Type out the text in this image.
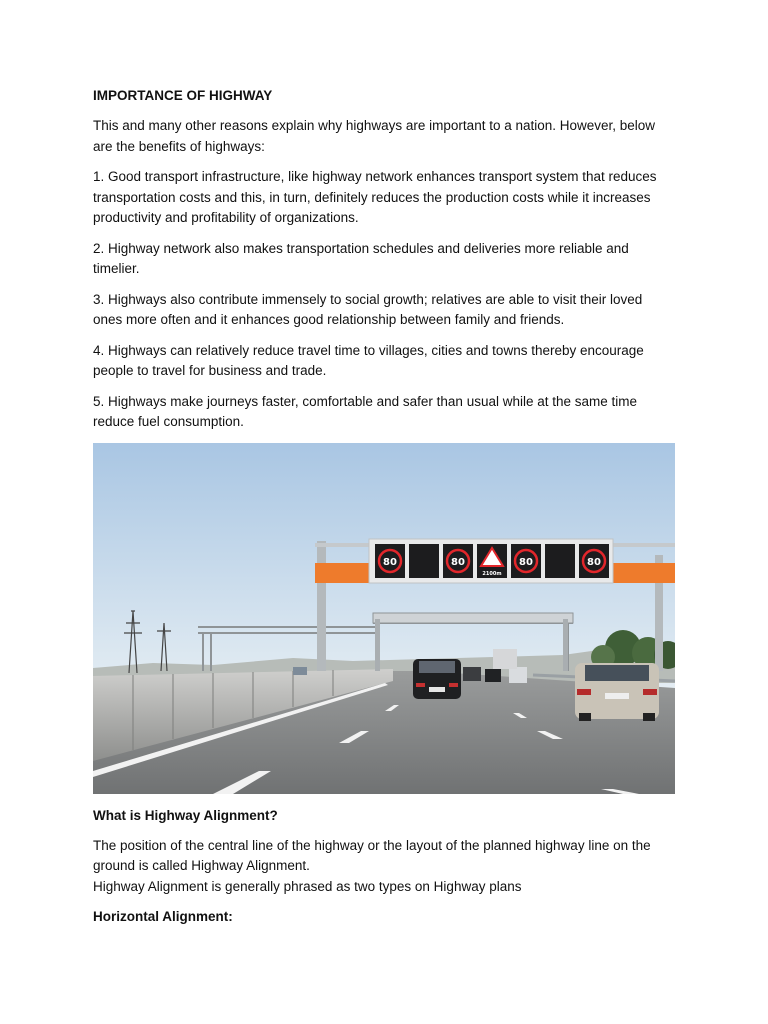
IMPORTANCE OF HIGHWAY

This and many other reasons explain why highways are important to a nation. However, below are the benefits of highways:

1. Good transport infrastructure, like highway network enhances transport system that reduces transportation costs and this, in turn, definitely reduces the production costs while it increases productivity and profitability of organizations.

2. Highway network also makes transportation schedules and deliveries more reliable and timelier.

3. Highways also contribute immensely to social growth; relatives are able to visit their loved ones more often and it enhances good relationship between family and friends.

4. Highways can relatively reduce travel time to villages, cities and towns thereby encourage people to travel for business and trade.

5. Highways make journeys faster, comfortable and safer than usual while at the same time reduce fuel consumption.

80	80
2100m
80	80
What is Highway Alignment?

The position of the central line of the highway or the layout of the planned highway line on the ground is called Highway Alignment.
Highway Alignment is generally phrased as two types on Highway plans

Horizontal Alignment:
